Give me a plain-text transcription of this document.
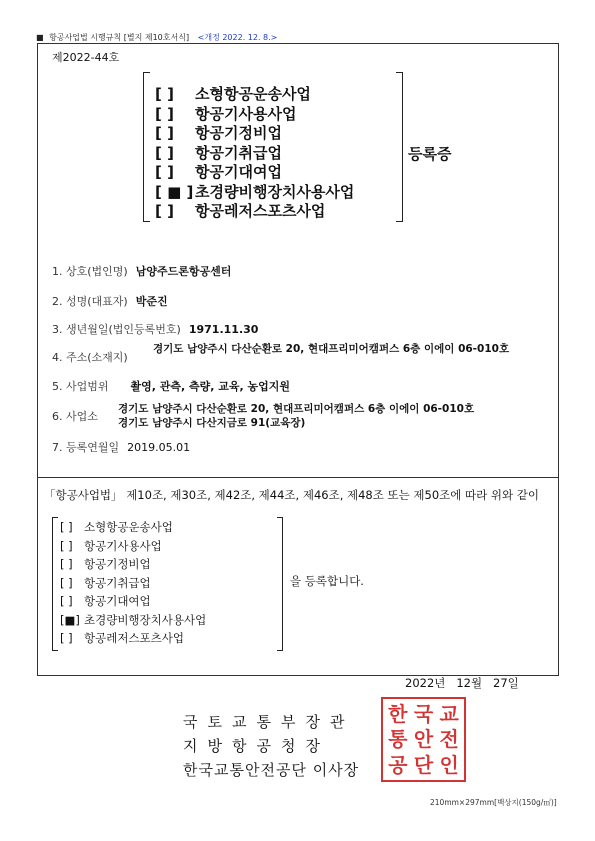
■ 항공사업법 시행규칙 [별지 제10호서식] <개정 2022. 12. 8.>
제2022-44호
[ ] 소형항공운송사업
[ ] 항공기사용사업
[ ] 항공기정비업
[ ] 항공기취급업
[ ] 항공기대여업
[ ■ ] 초경량비행장치사용사업
[ ] 항공레저스포츠사업
등록증
1. 상호(법인명) 남양주드론항공센터
2. 성명(대표자) 박준진
3. 생년월일(법인등록번호) 1971.11.30
4. 주소(소재지)
경기도 남양주시 다산순환로 20, 현대프리미어캠퍼스 6층 이에이 06-010호
5. 사업범위 촬영, 관측, 측량, 교육, 농업지원
6. 사업소
경기도 남양주시 다산순환로 20, 현대프리미어캠퍼스 6층 이에이 06-010호
경기도 남양주시 다산지금로 91(교육장)
7. 등록연월일 2019.05.01
「항공사업법」 제10조, 제30조, 제42조, 제44조, 제46조, 제48조 또는 제50조에 따라 위와 같이
[ ] 소형항공운송사업
[ ] 항공기사용사업
[ ] 항공기정비업
[ ] 항공기취급업
[ ] 항공기대여업
[■] 초경량비행장치사용사업
[ ] 항공레저스포츠사업
을 등록합니다.
2022년   12월   27일
국토교통부장관
지방항공청장
한국교통안전공단 이사장
한 국 교
통 안 전
공 단 인
210mm×297mm[백상지(150g/㎡)]
